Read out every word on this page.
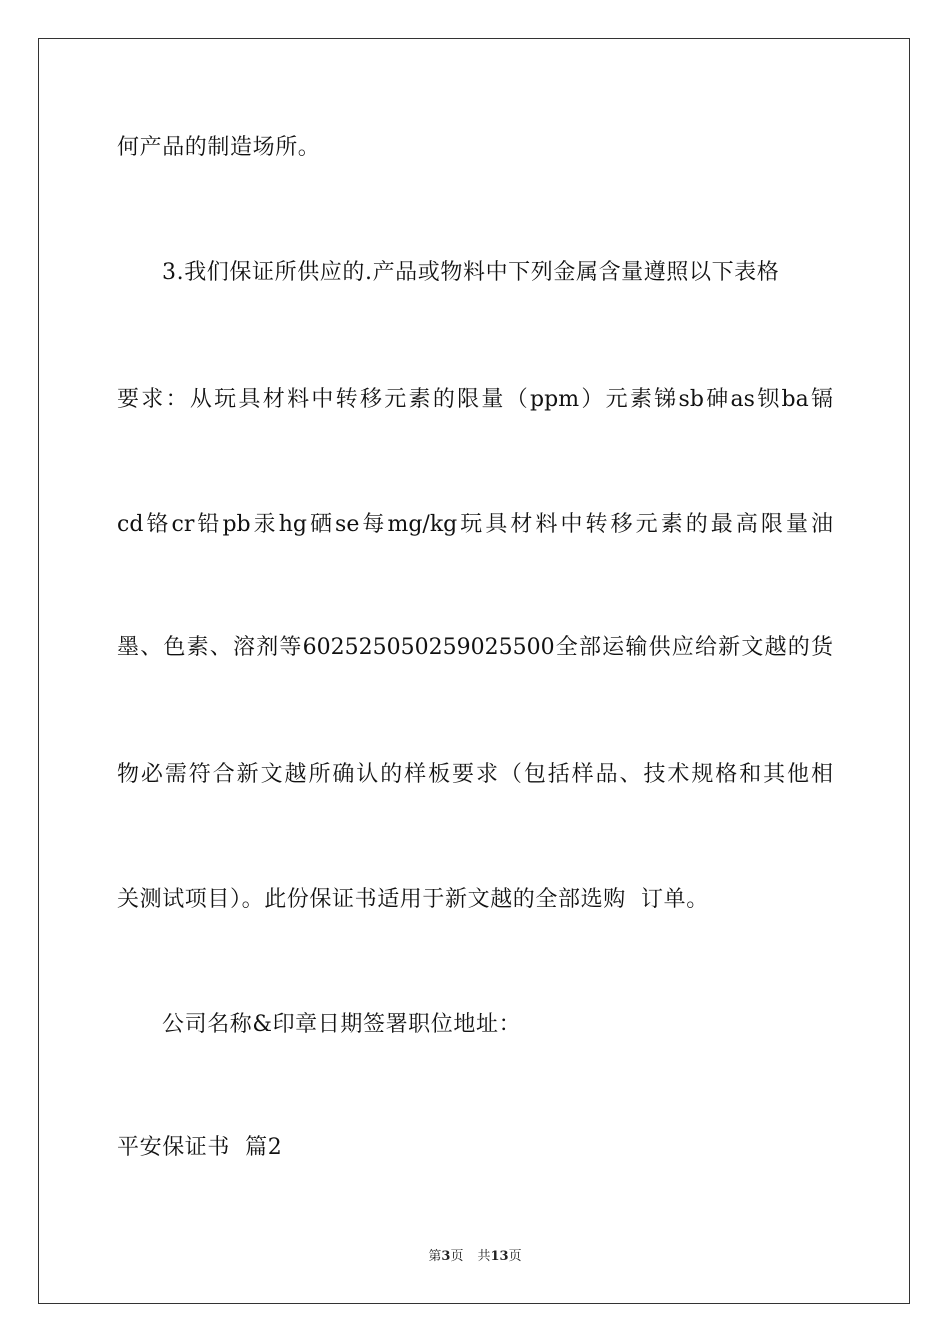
何产品的制造场所。
3.我们保证所供应的.产品或物料中下列金属含量遵照以下表格
要求：从玩具材料中转移元素的限量（ppm）元素锑sb砷as钡ba镉
cd铬cr铅pb汞hg硒se每mg/kg玩具材料中转移元素的最高限量油
墨、色素、溶剂等602525050259025500全部运输供应给新文越的货
物必需符合新文越所确认的样板要求（包括样品、技术规格和其他相
关测试项目）。此份保证书适用于新文越的全部选购  订单。
公司名称&印章日期签署职位地址：
平安保证书  篇2
第3页 共13页
